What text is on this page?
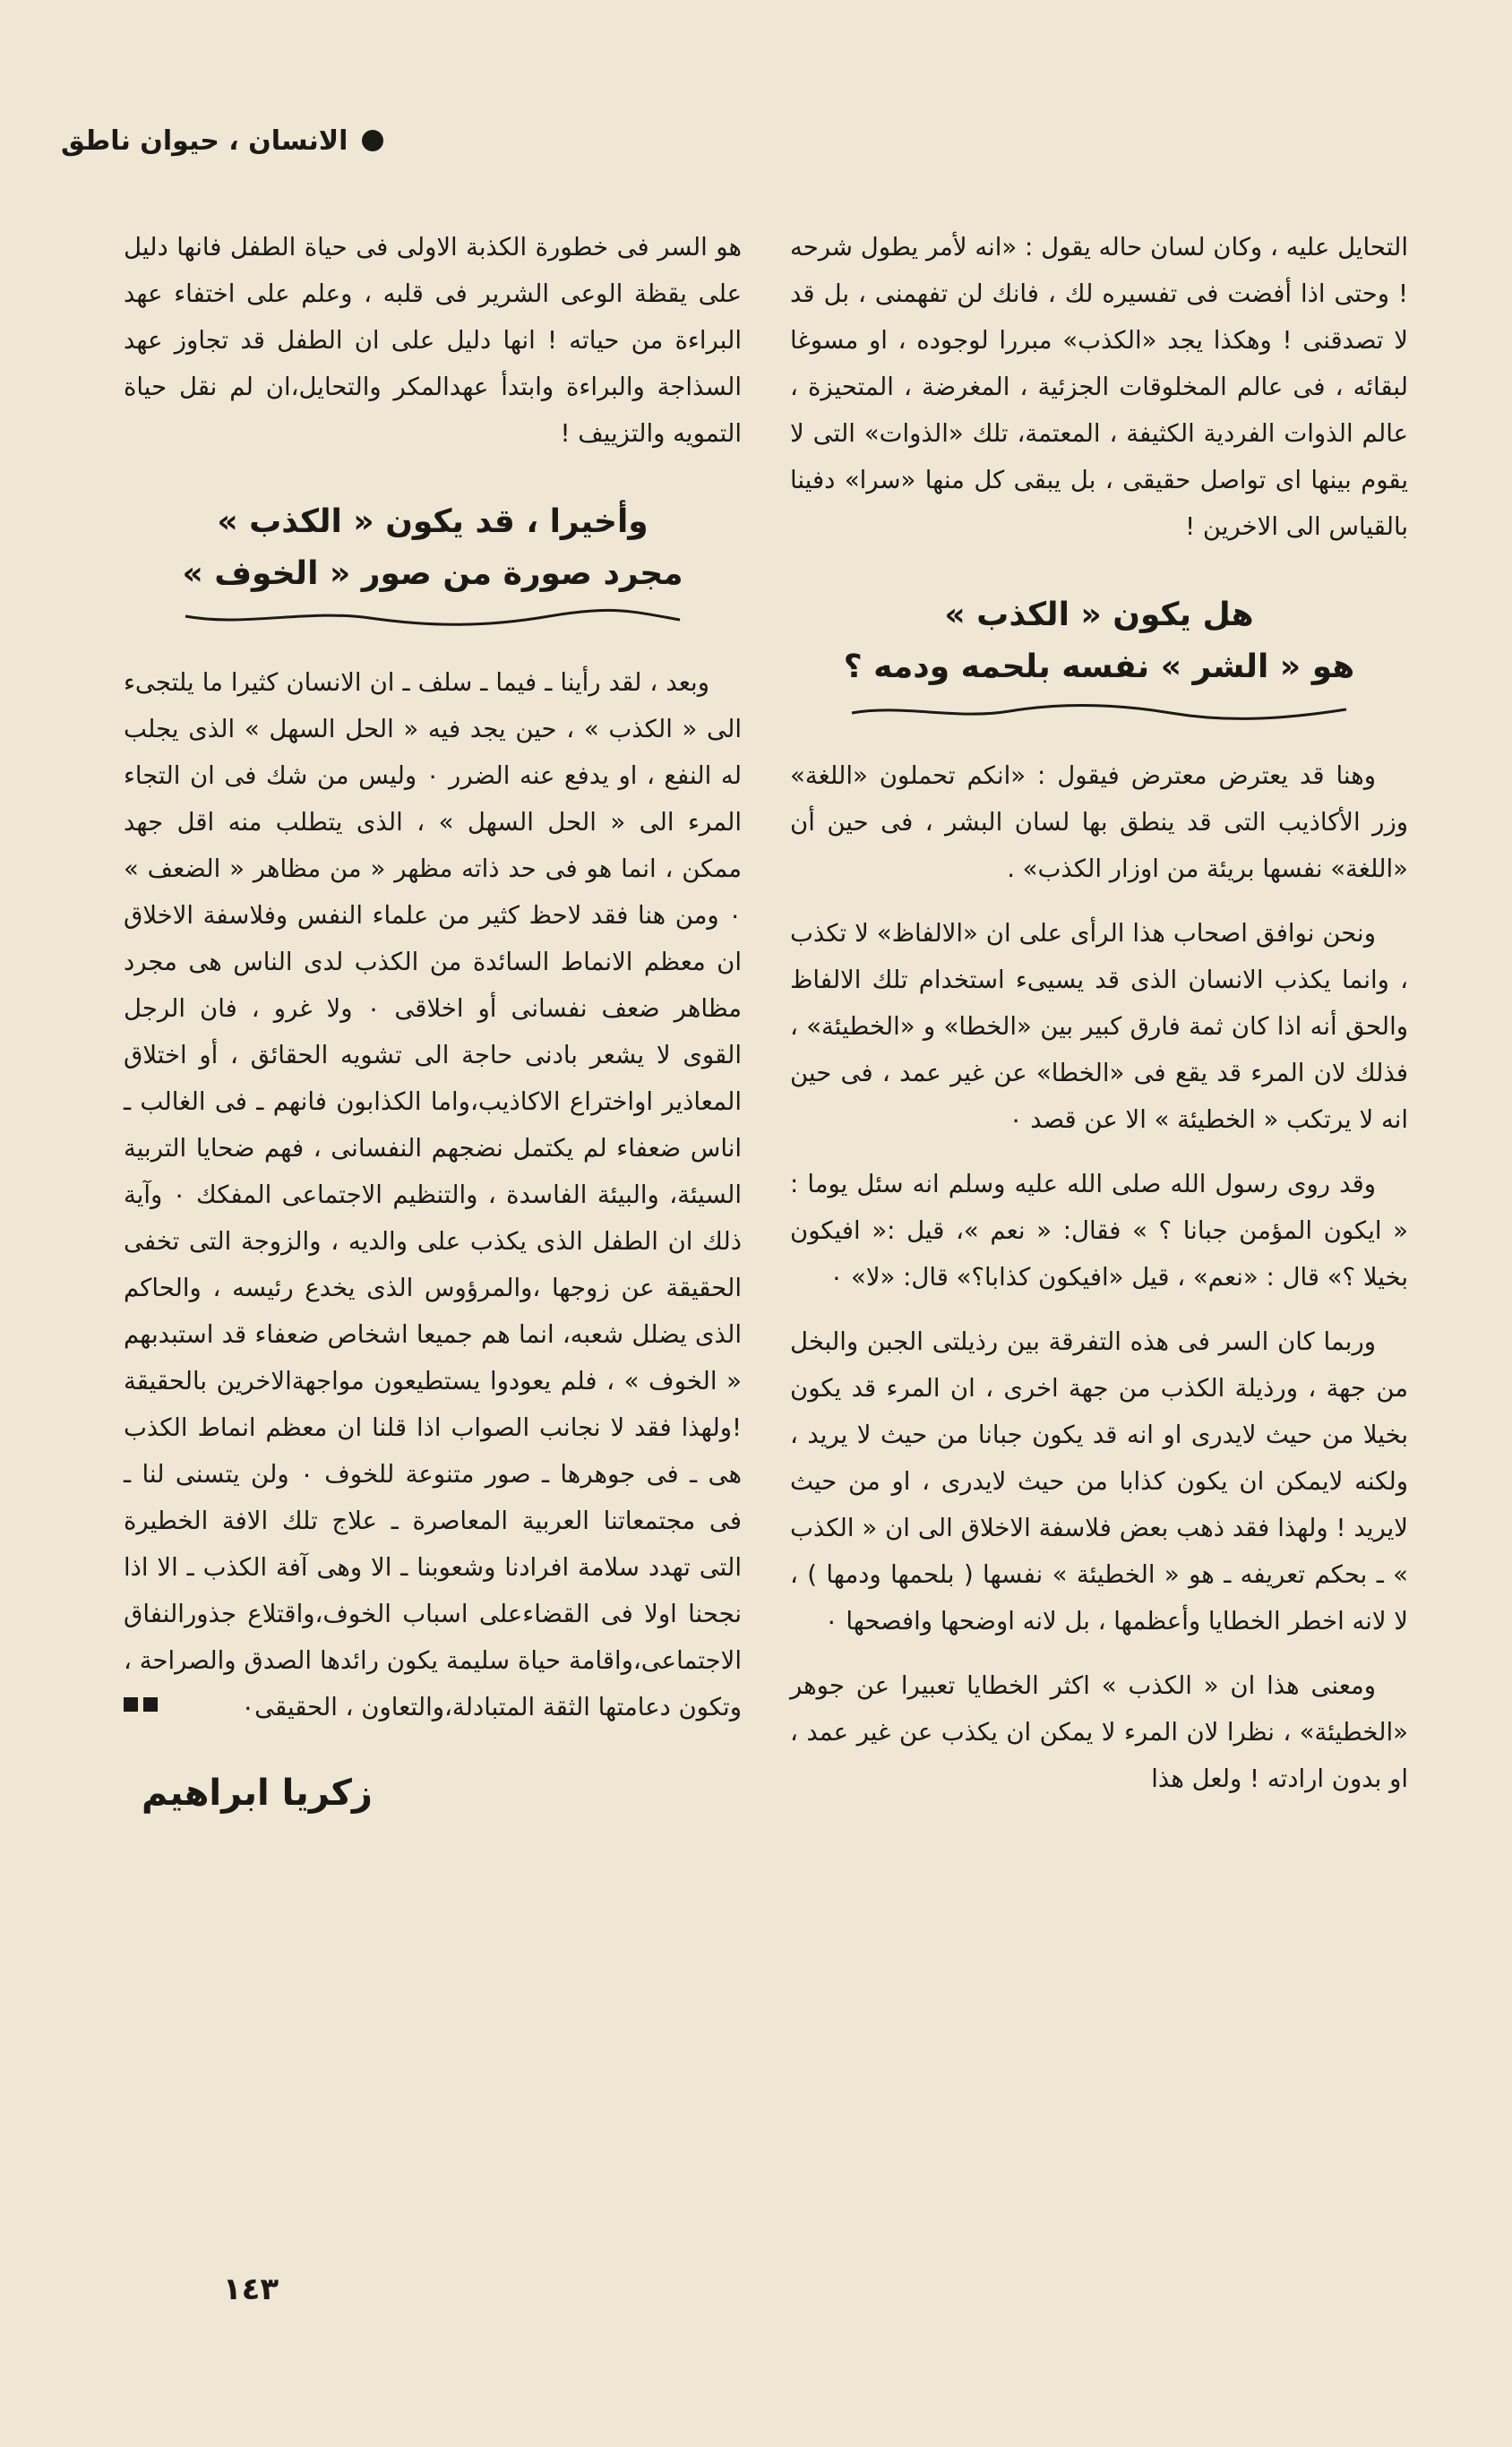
الانسان ، حيوان ناطق

التحايل عليه ، وكان لسان حاله يقول : «انه لأمر يطول شرحه ! وحتى اذا أفضت فى تفسيره لك ، فانك لن تفهمنى ، بل قد لا تصدقنى ! وهكذا يجد «الكذب» مبررا لوجوده ، او مسوغا لبقائه ، فى عالم المخلوقات الجزئية ، المغرضة ، المتحيزة ، عالم الذوات الفردية الكثيفة ، المعتمة، تلك «الذوات» التى لا يقوم بينها اى تواصل حقيقى ، بل يبقى كل منها «سرا» دفينا بالقياس الى الاخرين !

هل يكون « الكذب »
هو « الشر » نفسه بلحمه ودمه ؟

وهنا قد يعترض معترض فيقول : «انكم تحملون «اللغة» وزر الأكاذيب التى قد ينطق بها لسان البشر ، فى حين أن «اللغة» نفسها بريئة من اوزار الكذب» .

ونحن نوافق اصحاب هذا الرأى على ان «الالفاظ» لا تكذب ، وانما يكذب الانسان الذى قد يسيىء استخدام تلك الالفاظ والحق أنه اذا كان ثمة فارق كبير بين «الخطا» و «الخطيئة» ، فذلك لان المرء قد يقع فى «الخطا» عن غير عمد ، فى حين انه لا يرتكب « الخطيئة » الا عن قصد ٠

وقد روى رسول الله صلى الله عليه وسلم انه سئل يوما : « ايكون المؤمن جبانا ؟ » فقال: « نعم »، قيل :« افيكون بخيلا ؟» قال : «نعم» ، قيل «افيكون كذابا؟» قال: «لا» ٠

وربما كان السر فى هذه التفرقة بين رذيلتى الجبن والبخل من جهة ، ورذيلة الكذب من جهة اخرى ، ان المرء قد يكون بخيلا من حيث لايدرى او انه قد يكون جبانا من حيث لا يريد ، ولكنه لايمكن ان يكون كذابا من حيث لايدرى ، او من حيث لايريد ! ولهذا فقد ذهب بعض فلاسفة الاخلاق الى ان « الكذب » ـ بحكم تعريفه ـ هو « الخطيئة » نفسها ( بلحمها ودمها ) ، لا لانه اخطر الخطايا وأعظمها ، بل لانه اوضحها وافصحها ٠

ومعنى هذا ان « الكذب » اكثر الخطايا تعبيرا عن جوهر «الخطيئة» ، نظرا لان المرء لا يمكن ان يكذب عن غير عمد ، او بدون ارادته ! ولعل هذا

هو السر فى خطورة الكذبة الاولى فى حياة الطفل فانها دليل على يقظة الوعى الشرير فى قلبه ، وعلم على اختفاء عهد البراءة من حياته ! انها دليل على ان الطفل قد تجاوز عهد السذاجة والبراءة وابتدأ عهدالمكر والتحايل،ان لم نقل حياة التمويه والتزييف !

وأخيرا ، قد يكون « الكذب »
مجرد صورة من صور « الخوف »

وبعد ، لقد رأينا ـ فيما ـ سلف ـ ان الانسان كثيرا ما يلتجىء الى « الكذب » ، حين يجد فيه « الحل السهل » الذى يجلب له النفع ، او يدفع عنه الضرر ٠ وليس من شك فى ان التجاء المرء الى « الحل السهل » ، الذى يتطلب منه اقل جهد ممكن ، انما هو فى حد ذاته مظهر « من مظاهر « الضعف » ٠ ومن هنا فقد لاحظ كثير من علماء النفس وفلاسفة الاخلاق ان معظم الانماط السائدة من الكذب لدى الناس هى مجرد مظاهر ضعف نفسانى أو اخلاقى ٠ ولا غرو ، فان الرجل القوى لا يشعر بادنى حاجة الى تشويه الحقائق ، أو اختلاق المعاذير اواختراع الاكاذيب،واما الكذابون فانهم ـ فى الغالب ـ اناس ضعفاء لم يكتمل نضجهم النفسانى ، فهم ضحايا التربية السيئة، والبيئة الفاسدة ، والتنظيم الاجتماعى المفكك ٠ وآية ذلك ان الطفل الذى يكذب على والديه ، والزوجة التى تخفى الحقيقة عن زوجها ،والمرؤوس الذى يخدع رئيسه ، والحاكم الذى يضلل شعبه، انما هم جميعا اشخاص ضعفاء قد استبدبهم « الخوف » ، فلم يعودوا يستطيعون مواجهةالاخرين بالحقيقة !ولهذا فقد لا نجانب الصواب اذا قلنا ان معظم انماط الكذب هى ـ فى جوهرها ـ صور متنوعة للخوف ٠ ولن يتسنى لنا ـ فى مجتمعاتنا العربية المعاصرة ـ علاج تلك الافة الخطيرة التى تهدد سلامة افرادنا وشعوبنا ـ الا وهى آفة الكذب ـ الا اذا نجحنا اولا فى القضاءعلى اسباب الخوف،واقتلاع جذورالنفاق الاجتماعى،واقامة حياة سليمة يكون رائدها الصدق والصراحة ، وتكون دعامتها الثقة المتبادلة،والتعاون ، الحقيقى٠

زكريا ابراهيم
١٤٣
